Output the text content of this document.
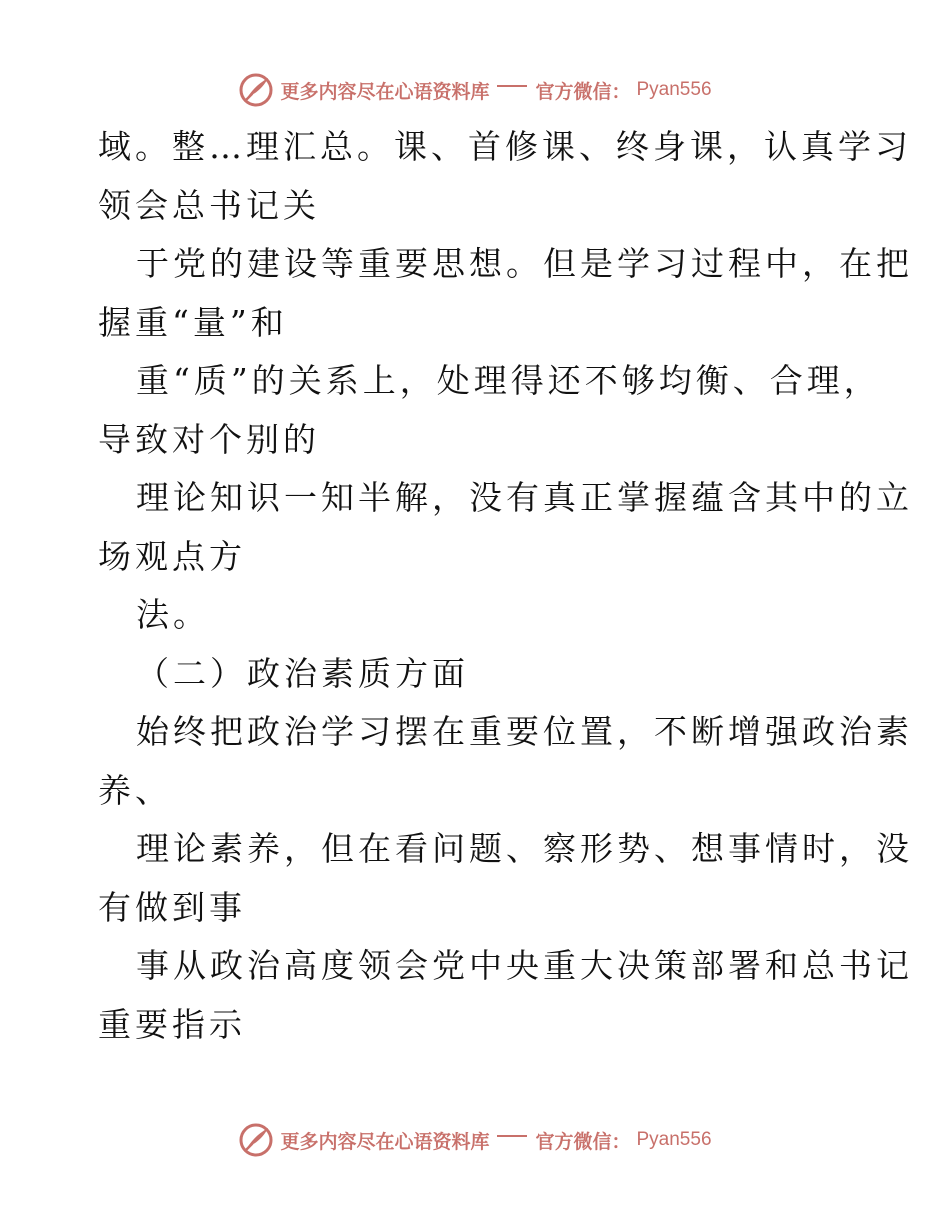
更多内容尽在心语资料库 官方微信： Pyan556
域。整…理汇总。课、首修课、终身课，认真学习
领会总书记关
于党的建设等重要思想。但是学习过程中，在把
握重“量”和
重“质”的关系上，处理得还不够均衡、合理，
导致对个别的
理论知识一知半解，没有真正掌握蕴含其中的立
场观点方
法。
（二）政治素质方面
始终把政治学习摆在重要位置，不断增强政治素
养、
理论素养，但在看问题、察形势、想事情时，没
有做到事
事从政治高度领会党中央重大决策部署和总书记
重要指示
更多内容尽在心语资料库 官方微信： Pyan556
